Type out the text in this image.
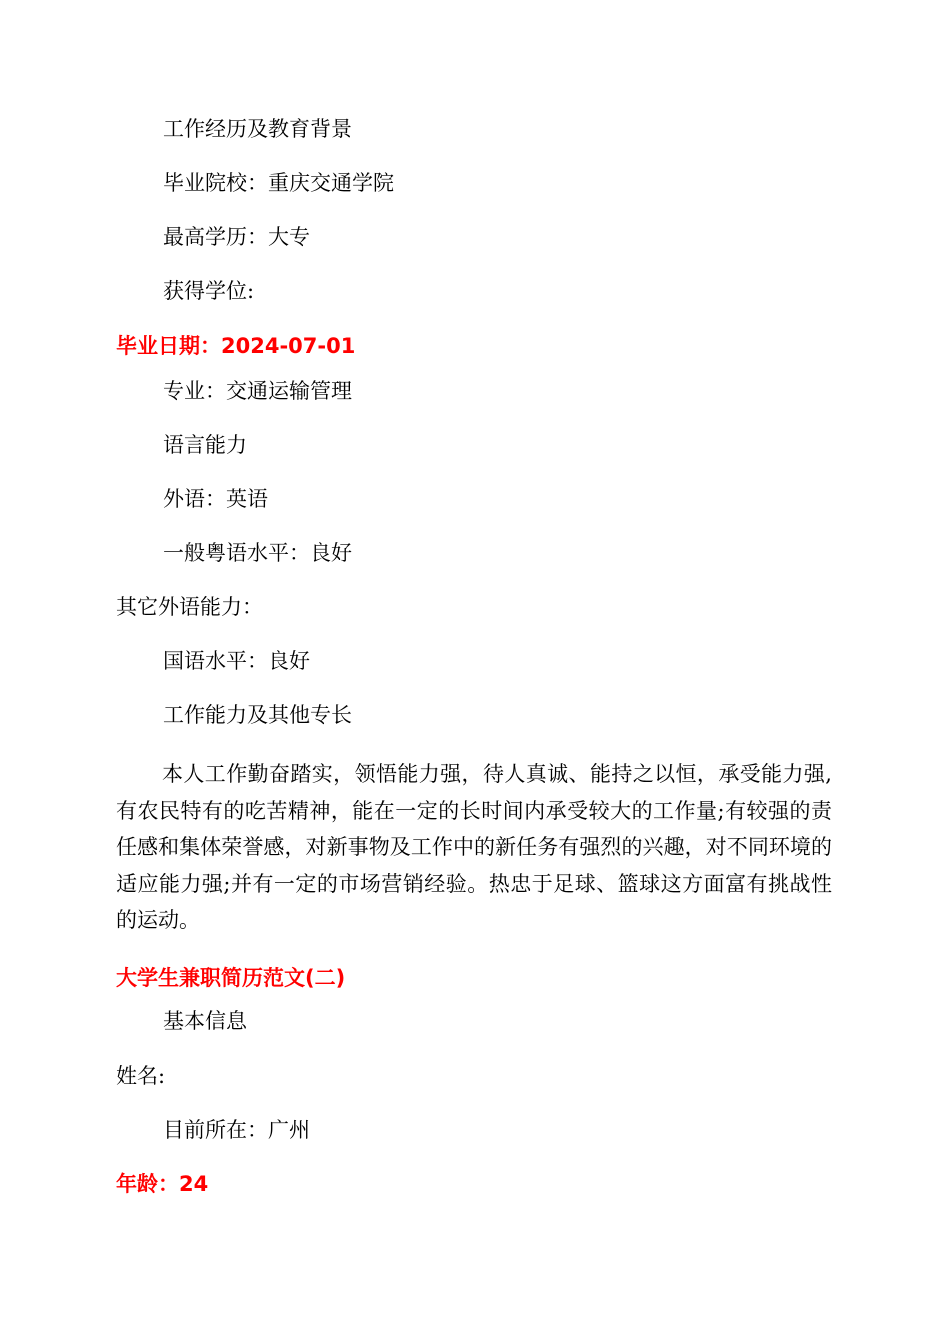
工作经历及教育背景

毕业院校：重庆交通学院

最高学历：大专

获得学位:

毕业日期：2024-07-01

专业：交通运输管理

语言能力

外语：英语

一般粤语水平：良好

其它外语能力：

国语水平：良好

工作能力及其他专长

本人工作勤奋踏实，领悟能力强，待人真诚、能持之以恒，承受能力强,有农民特有的吃苦精神，能在一定的长时间内承受较大的工作量;有较强的责任感和集体荣誉感，对新事物及工作中的新任务有强烈的兴趣，对不同环境的适应能力强;并有一定的市场营销经验。热忠于足球、篮球这方面富有挑战性的运动。

大学生兼职简历范文(二)

基本信息

姓名:

目前所在：广州

年龄：24
